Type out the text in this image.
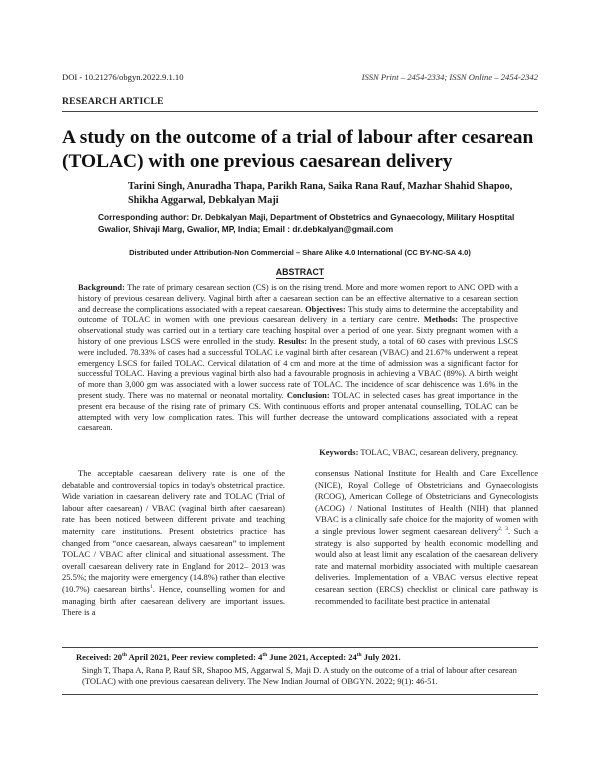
DOI - 10.21276/obgyn.2022.9.1.10	ISSN Print – 2454-2334; ISSN Online – 2454-2342
RESEARCH ARTICLE
A study on the outcome of a trial of labour after cesarean (TOLAC) with one previous caesarean delivery
Tarini Singh, Anuradha Thapa, Parikh Rana, Saika Rana Rauf, Mazhar Shahid Shapoo, Shikha Aggarwal, Debkalyan Maji
Corresponding author: Dr. Debkalyan Maji, Department of Obstetrics and Gynaecology, Military Hosptital Gwalior, Shivaji Marg, Gwalior, MP, India; Email : dr.debkalyan@gmail.com
Distributed under Attribution-Non Commercial – Share Alike 4.0 International (CC BY-NC-SA 4.0)
ABSTRACT
Background: The rate of primary cesarean section (CS) is on the rising trend. More and more women report to ANC OPD with a history of previous cesarean delivery. Vaginal birth after a caesarean section can be an effective alternative to a cesarean section and decrease the complications associated with a repeat caesarean. Objectives: This study aims to determine the acceptability and outcome of TOLAC in women with one previous caesarean delivery in a tertiary care centre. Methods: The prospective observational study was carried out in a tertiary care teaching hospital over a period of one year. Sixty pregnant women with a history of one previous LSCS were enrolled in the study. Results: In the present study, a total of 60 cases with previous LSCS were included. 78.33% of cases had a successful TOLAC i.e vaginal birth after cesarean (VBAC) and 21.67% underwent a repeat emergency LSCS for failed TOLAC. Cervical dilatation of 4 cm and more at the time of admission was a significant factor for successful TOLAC. Having a previous vaginal birth also had a favourable prognosis in achieving a VBAC (89%). A birth weight of more than 3,000 gm was associated with a lower success rate of TOLAC. The incidence of scar dehiscence was 1.6% in the present study. There was no maternal or neonatal mortality. Conclusion: TOLAC in selected cases has great importance in the present era because of the rising rate of primary CS. With continuous efforts and proper antenatal counselling, TOLAC can be attempted with very low complication rates. This will further decrease the untoward complications associated with a repeat caesarean.
Keywords: TOLAC, VBAC, cesarean delivery, pregnancy.
The acceptable caesarean delivery rate is one of the debatable and controversial topics in today's obstetrical practice. Wide variation in caesarean delivery rate and TOLAC (Trial of labour after caesarean) / VBAC (vaginal birth after caesarean) rate has been noticed between different private and teaching maternity care institutions. Present obstetrics practice has changed from “once caesarean, always caesarean” to implement TOLAC / VBAC after clinical and situational assessment. The overall caesarean delivery rate in England for 2012– 2013 was 25.5%; the majority were emergency (14.8%) rather than elective (10.7%) caesarean births$^1$. Hence, counselling women for and managing birth after caesarean delivery are important issues. There is a
consensus National Institute for Health and Care Excellence (NICE), Royal College of Obstetricians and Gynaecologists (RCOG), American College of Obstetricians and Gynecologists (ACOG) / National Institutes of Health (NIH) that planned VBAC is a clinically safe choice for the majority of women with a single previous lower segment caesarean delivery$^{2, 3}$. Such a strategy is also supported by health economic modelling and would also at least limit any escalation of the caesarean delivery rate and maternal morbidity associated with multiple caesarean deliveries. Implementation of a VBAC versus elective repeat cesarean section (ERCS) checklist or clinical care pathway is recommended to facilitate best practice in antenatal
Received: 20th April 2021, Peer review completed: 4th June 2021, Accepted: 24th July 2021.
Singh T, Thapa A, Rana P, Rauf SR, Shapoo MS, Aggarwal S, Maji D. A study on the outcome of a trial of labour after cesarean (TOLAC) with one previous caesarean delivery. The New Indian Journal of OBGYN. 2022; 9(1): 46-51.
